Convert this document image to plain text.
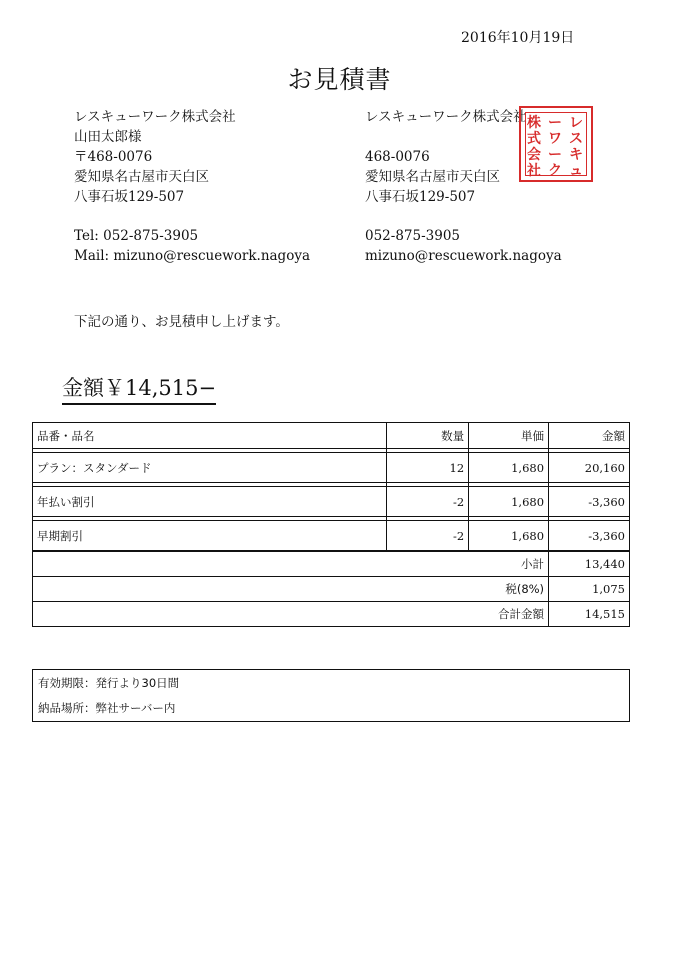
2016年10月19日
お見積書
レスキューワーク株式会社
山田太郎様
〒468-0076
愛知県名古屋市天白区
八事石坂129-507
Tel: 052-875-3905
Mail: mizuno@rescuework.nagoya
レスキューワーク株式会社
468-0076
愛知県名古屋市天白区
八事石坂129-507
052-875-3905
mizuno@rescuework.nagoya
レ
ス
キ
ュ
ー
ワ
ー
ク
株
式
会
社
下記の通り、お見積申し上げます。
金額￥14,515−
品番・品名	数量	単価	金額

プラン：スタンダード	12	1,680	20,160

年払い割引	-2	1,680	-3,360

早期割引	-2	1,680	-3,360
小計	13,440
税(8%)	1,075
合計金額	14,515
有効期限：発行より30日間
納品場所：弊社サーバー内
